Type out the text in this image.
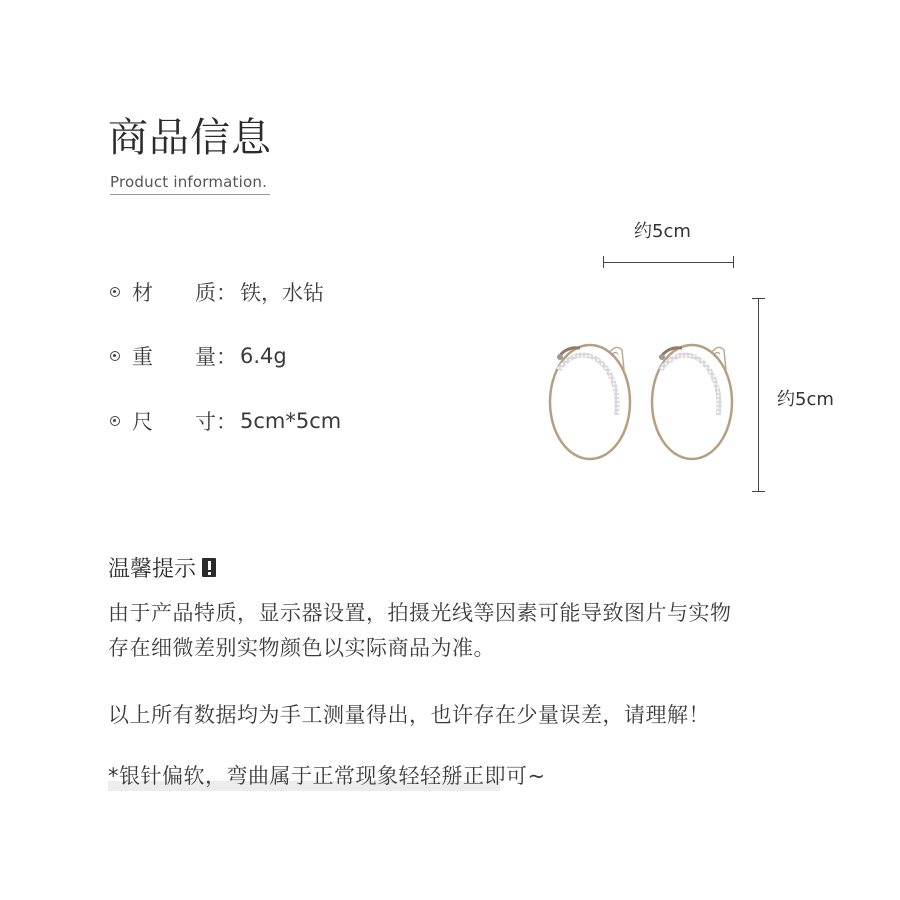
商品信息
Product information.
材　　质： 铁，水钻
重　　量： 6.4g
尺　　寸： 5cm*5cm
约5cm
约5cm
温馨提示
由于产品特质，显示器设置，拍摄光线等因素可能导致图片与实物
存在细微差别实物颜色以实际商品为准。
以上所有数据均为手工测量得出，也许存在少量误差，请理解！
*银针偏软，弯曲属于正常现象轻轻掰正即可~
